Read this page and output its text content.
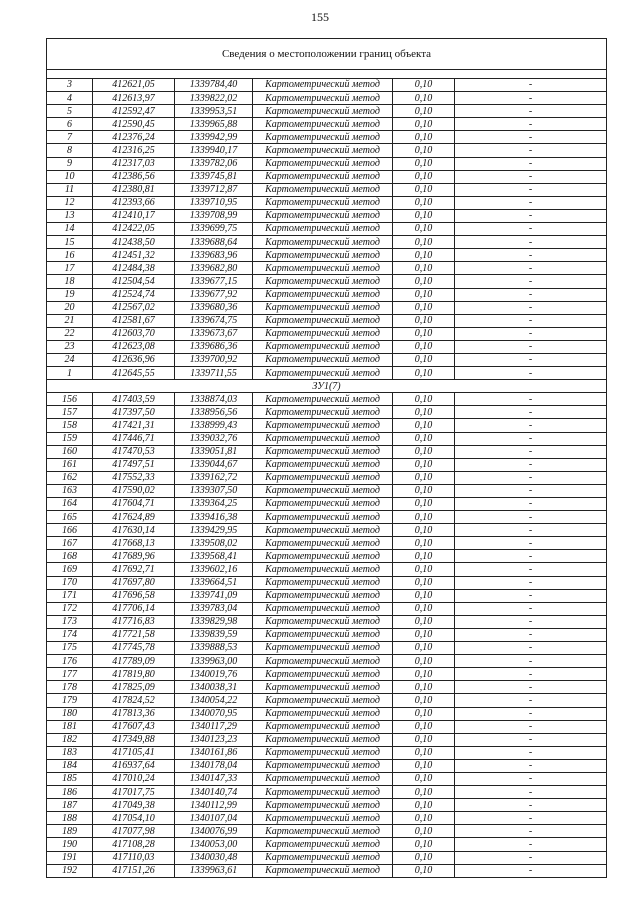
155
Сведения о местоположении границ объекта					

3	412621,05	1339784,40	Картометрический метод	0,10	-
4	412613,97	1339822,02	Картометрический метод	0,10	-
5	412592,47	1339953,51	Картометрический метод	0,10	-
6	412590,45	1339965,88	Картометрический метод	0,10	-
7	412376,24	1339942,99	Картометрический метод	0,10	-
8	412316,25	1339940,17	Картометрический метод	0,10	-
9	412317,03	1339782,06	Картометрический метод	0,10	-
10	412386,56	1339745,81	Картометрический метод	0,10	-
11	412380,81	1339712,87	Картометрический метод	0,10	-
12	412393,66	1339710,95	Картометрический метод	0,10	-
13	412410,17	1339708,99	Картометрический метод	0,10	-
14	412422,05	1339699,75	Картометрический метод	0,10	-
15	412438,50	1339688,64	Картометрический метод	0,10	-
16	412451,32	1339683,96	Картометрический метод	0,10	-
17	412484,38	1339682,80	Картометрический метод	0,10	-
18	412504,54	1339677,15	Картометрический метод	0,10	-
19	412524,74	1339677,92	Картометрический метод	0,10	-
20	412567,02	1339680,36	Картометрический метод	0,10	-
21	412581,67	1339674,75	Картометрический метод	0,10	-
22	412603,70	1339673,67	Картометрический метод	0,10	-
23	412623,08	1339686,36	Картометрический метод	0,10	-
24	412636,96	1339700,92	Картометрический метод	0,10	-
1	412645,55	1339711,55	Картометрический метод	0,10	-
ЗУ1(7)					
156	417403,59	1338874,03	Картометрический метод	0,10	-
157	417397,50	1338956,56	Картометрический метод	0,10	-
158	417421,31	1338999,43	Картометрический метод	0,10	-
159	417446,71	1339032,76	Картометрический метод	0,10	-
160	417470,53	1339051,81	Картометрический метод	0,10	-
161	417497,51	1339044,67	Картометрический метод	0,10	-
162	417552,33	1339162,72	Картометрический метод	0,10	-
163	417590,02	1339307,50	Картометрический метод	0,10	-
164	417604,71	1339364,25	Картометрический метод	0,10	-
165	417624,89	1339416,38	Картометрический метод	0,10	-
166	417630,14	1339429,95	Картометрический метод	0,10	-
167	417668,13	1339508,02	Картометрический метод	0,10	-
168	417689,96	1339568,41	Картометрический метод	0,10	-
169	417692,71	1339602,16	Картометрический метод	0,10	-
170	417697,80	1339664,51	Картометрический метод	0,10	-
171	417696,58	1339741,09	Картометрический метод	0,10	-
172	417706,14	1339783,04	Картометрический метод	0,10	-
173	417716,83	1339829,98	Картометрический метод	0,10	-
174	417721,58	1339839,59	Картометрический метод	0,10	-
175	417745,78	1339888,53	Картометрический метод	0,10	-
176	417789,09	1339963,00	Картометрический метод	0,10	-
177	417819,80	1340019,76	Картометрический метод	0,10	-
178	417825,09	1340038,31	Картометрический метод	0,10	-
179	417824,52	1340054,22	Картометрический метод	0,10	-
180	417813,36	1340070,95	Картометрический метод	0,10	-
181	417607,43	1340117,29	Картометрический метод	0,10	-
182	417349,88	1340123,23	Картометрический метод	0,10	-
183	417105,41	1340161,86	Картометрический метод	0,10	-
184	416937,64	1340178,04	Картометрический метод	0,10	-
185	417010,24	1340147,33	Картометрический метод	0,10	-
186	417017,75	1340140,74	Картометрический метод	0,10	-
187	417049,38	1340112,99	Картометрический метод	0,10	-
188	417054,10	1340107,04	Картометрический метод	0,10	-
189	417077,98	1340076,99	Картометрический метод	0,10	-
190	417108,28	1340053,00	Картометрический метод	0,10	-
191	417110,03	1340030,48	Картометрический метод	0,10	-
192	417151,26	1339963,61	Картометрический метод	0,10	-
